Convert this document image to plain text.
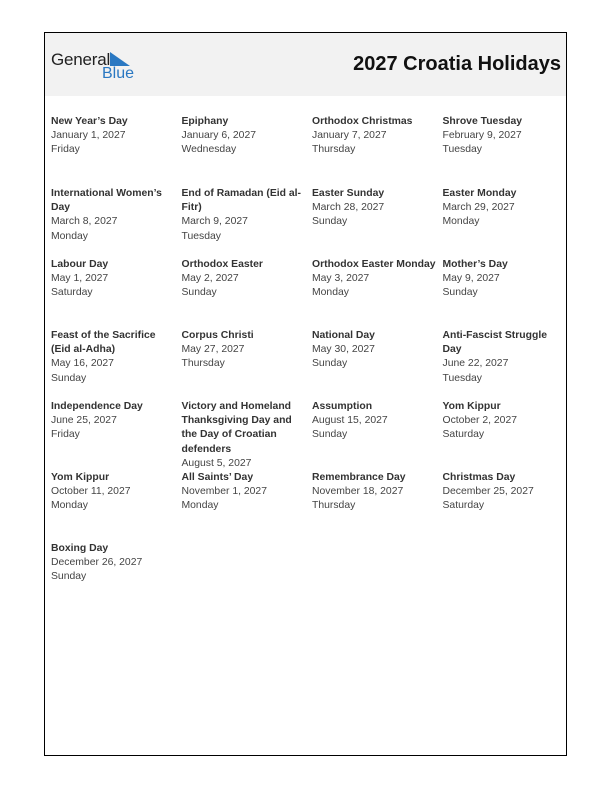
General
Blue	2027 Croatia Holidays
New Year’s Day
January 1, 2027
Friday
Epiphany
January 6, 2027
Wednesday
Orthodox Christmas
January 7, 2027
Thursday
Shrove Tuesday
February 9, 2027
Tuesday
International Women’s Day
March 8, 2027
Monday
End of Ramadan (Eid al-Fitr)
March 9, 2027
Tuesday
Easter Sunday
March 28, 2027
Sunday
Easter Monday
March 29, 2027
Monday
Labour Day
May 1, 2027
Saturday
Orthodox Easter
May 2, 2027
Sunday
Orthodox Easter Monday
May 3, 2027
Monday
Mother’s Day
May 9, 2027
Sunday
Feast of the Sacrifice (Eid al-Adha)
May 16, 2027
Sunday
Corpus Christi
May 27, 2027
Thursday
National Day
May 30, 2027
Sunday
Anti-Fascist Struggle Day
June 22, 2027
Tuesday
Independence Day
June 25, 2027
Friday
Victory and Homeland Thanksgiving Day and the Day of Croatian defenders
August 5, 2027
Assumption
August 15, 2027
Sunday
Yom Kippur
October 2, 2027
Saturday
Yom Kippur
October 11, 2027
Monday
All Saints’ Day
November 1, 2027
Monday
Remembrance Day
November 18, 2027
Thursday
Christmas Day
December 25, 2027
Saturday
Boxing Day
December 26, 2027
Sunday
